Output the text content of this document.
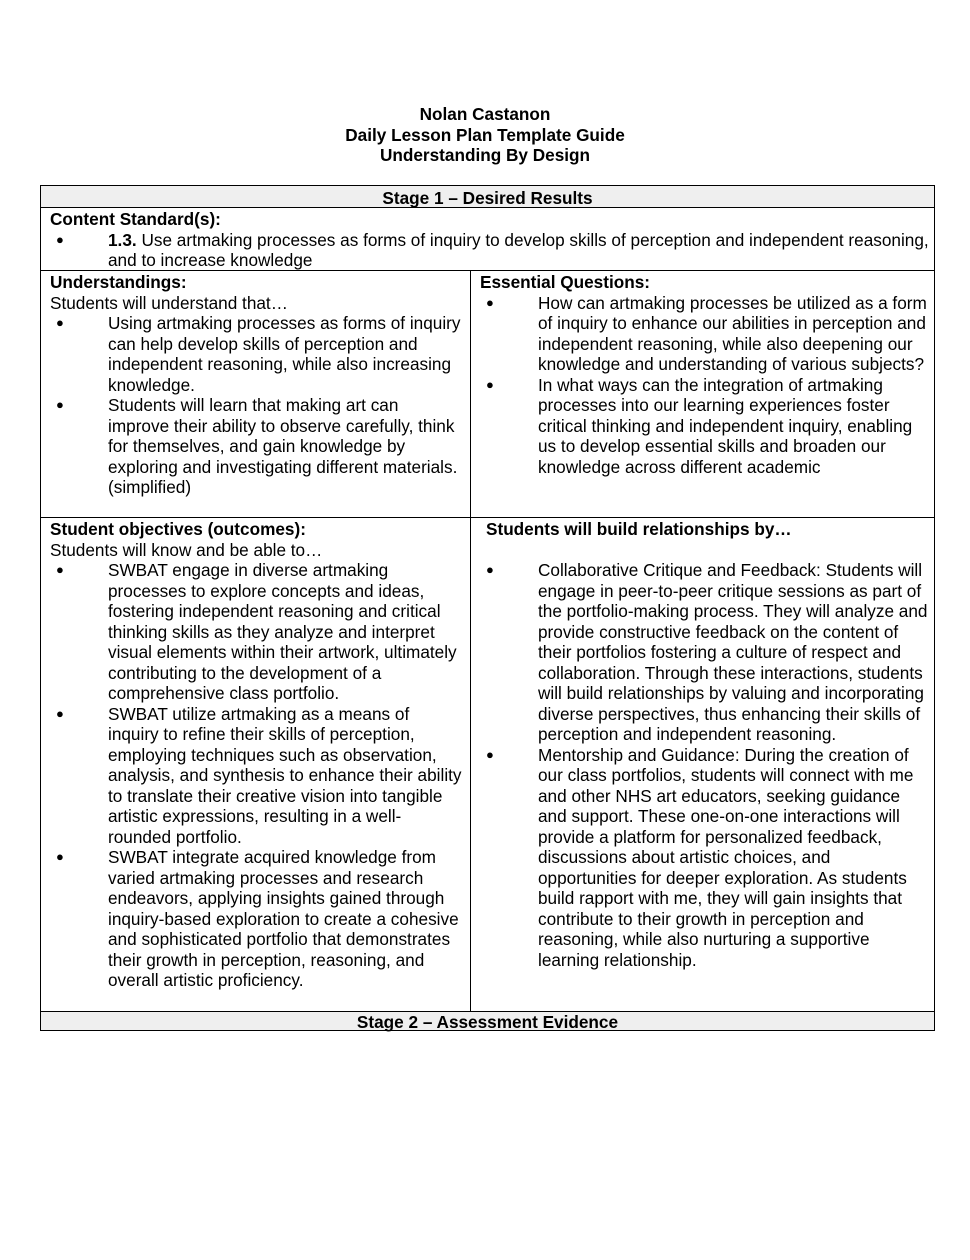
Nolan Castanon
Daily Lesson Plan Template Guide
Understanding By Design
Stage 1 – Desired Results
Content Standard(s):
●	1.3. Use artmaking processes as forms of inquiry to develop skills of perception and independent reasoning, and to increase knowledge
Understandings:
Students will understand that…
●	Using artmaking processes as forms of inquiry can help develop skills of perception and independent reasoning, while also increasing knowledge.
●	Students will learn that making art can improve their ability to observe carefully, think for themselves, and gain knowledge by exploring and investigating different materials. (simplified)
Essential Questions:
●	How can artmaking processes be utilized as a form of inquiry to enhance our abilities in perception and independent reasoning, while also deepening our knowledge and understanding of various subjects?
●	In what ways can the integration of artmaking processes into our learning experiences foster critical thinking and independent inquiry, enabling us to develop essential skills and broaden our knowledge across different academic
Student objectives (outcomes):
Students will know and be able to…
●	SWBAT engage in diverse artmaking processes to explore concepts and ideas, fostering independent reasoning and critical thinking skills as they analyze and interpret visual elements within their artwork, ultimately contributing to the development of a comprehensive class portfolio.
●	SWBAT utilize artmaking as a means of inquiry to refine their skills of perception, employing techniques such as observation, analysis, and synthesis to enhance their ability to translate their creative vision into tangible artistic expressions, resulting in a well-rounded portfolio.
●	SWBAT integrate acquired knowledge from varied artmaking processes and research endeavors, applying insights gained through inquiry-based exploration to create a cohesive and sophisticated portfolio that demonstrates their growth in perception, reasoning, and overall artistic proficiency.
Students will build relationships by…
●	Collaborative Critique and Feedback: Students will engage in peer-to-peer critique sessions as part of the portfolio-making process. They will analyze and provide constructive feedback on the content of their portfolios fostering a culture of respect and collaboration. Through these interactions, students will build relationships by valuing and incorporating diverse perspectives, thus enhancing their skills of perception and independent reasoning.
●	Mentorship and Guidance: During the creation of our class portfolios, students will connect with me and other NHS art educators, seeking guidance and support. These one-on-one interactions will provide a platform for personalized feedback, discussions about artistic choices, and opportunities for deeper exploration. As students build rapport with me, they will gain insights that contribute to their growth in perception and reasoning, while also nurturing a supportive learning relationship.
Stage 2 – Assessment Evidence
